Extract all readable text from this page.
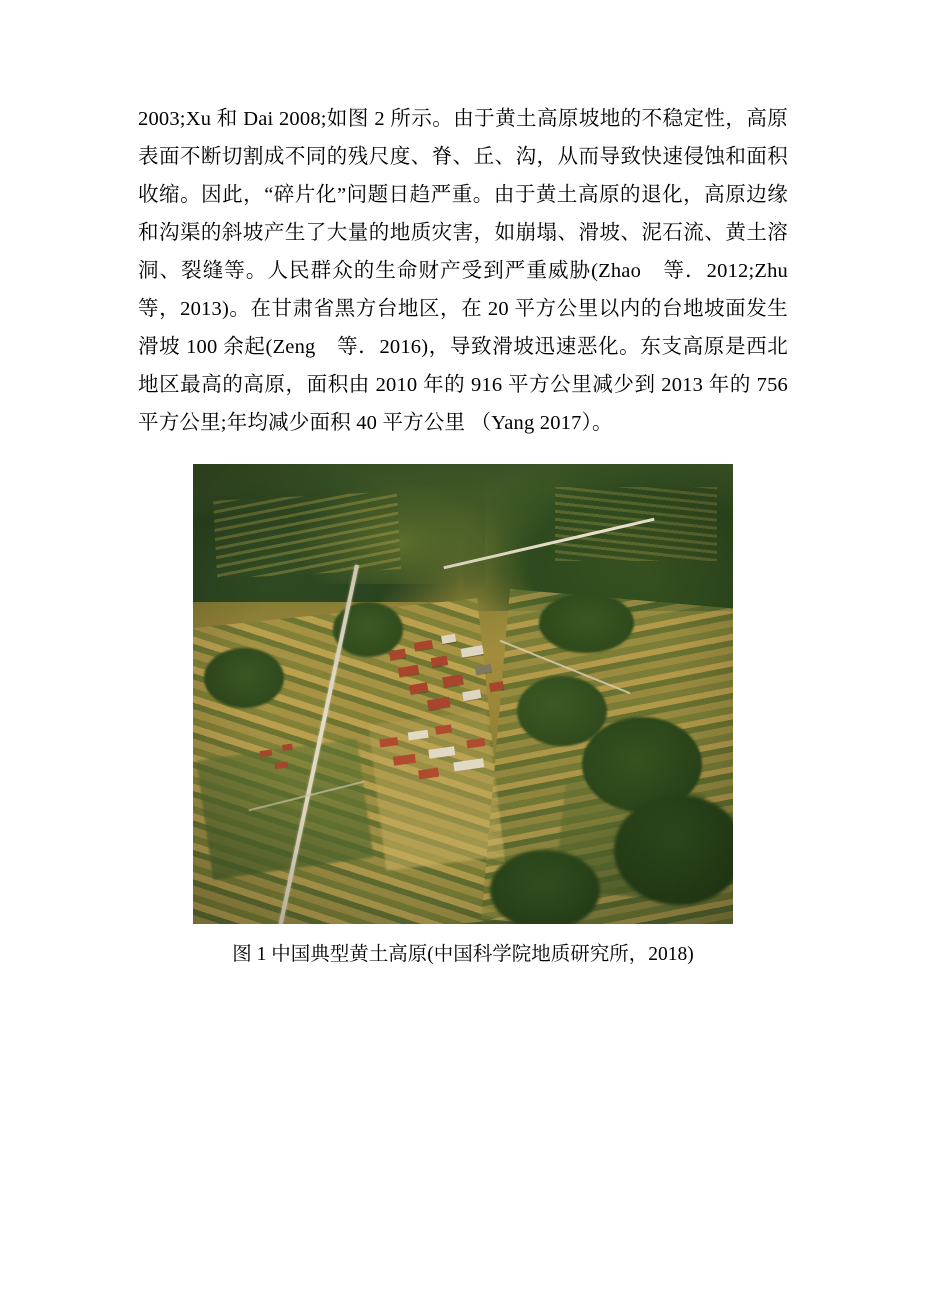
2003;Xu 和 Dai 2008;如图 2 所示。由于黄土高原坡地的不稳定性，高原表面不断切割成不同的残尺度、脊、丘、沟，从而导致快速侵蚀和面积收缩。因此，“碎片化”问题日趋严重。由于黄土高原的退化，高原边缘和沟渠的斜坡产生了大量的地质灾害，如崩塌、滑坡、泥石流、黄土溶洞、裂缝等。人民群众的生命财产受到严重威胁(Zhao　等．2012;Zhu 等，2013)。在甘肃省黑方台地区，在 20 平方公里以内的台地坡面发生滑坡 100 余起(Zeng　等．2016)，导致滑坡迅速恶化。东支高原是西北地区最高的高原，面积由 2010 年的 916 平方公里减少到 2013 年的 756 平方公里;年均减少面积 40 平方公里 （Yang 2017）。

图 1 中国典型黄土高原(中国科学院地质研究所，2018)
